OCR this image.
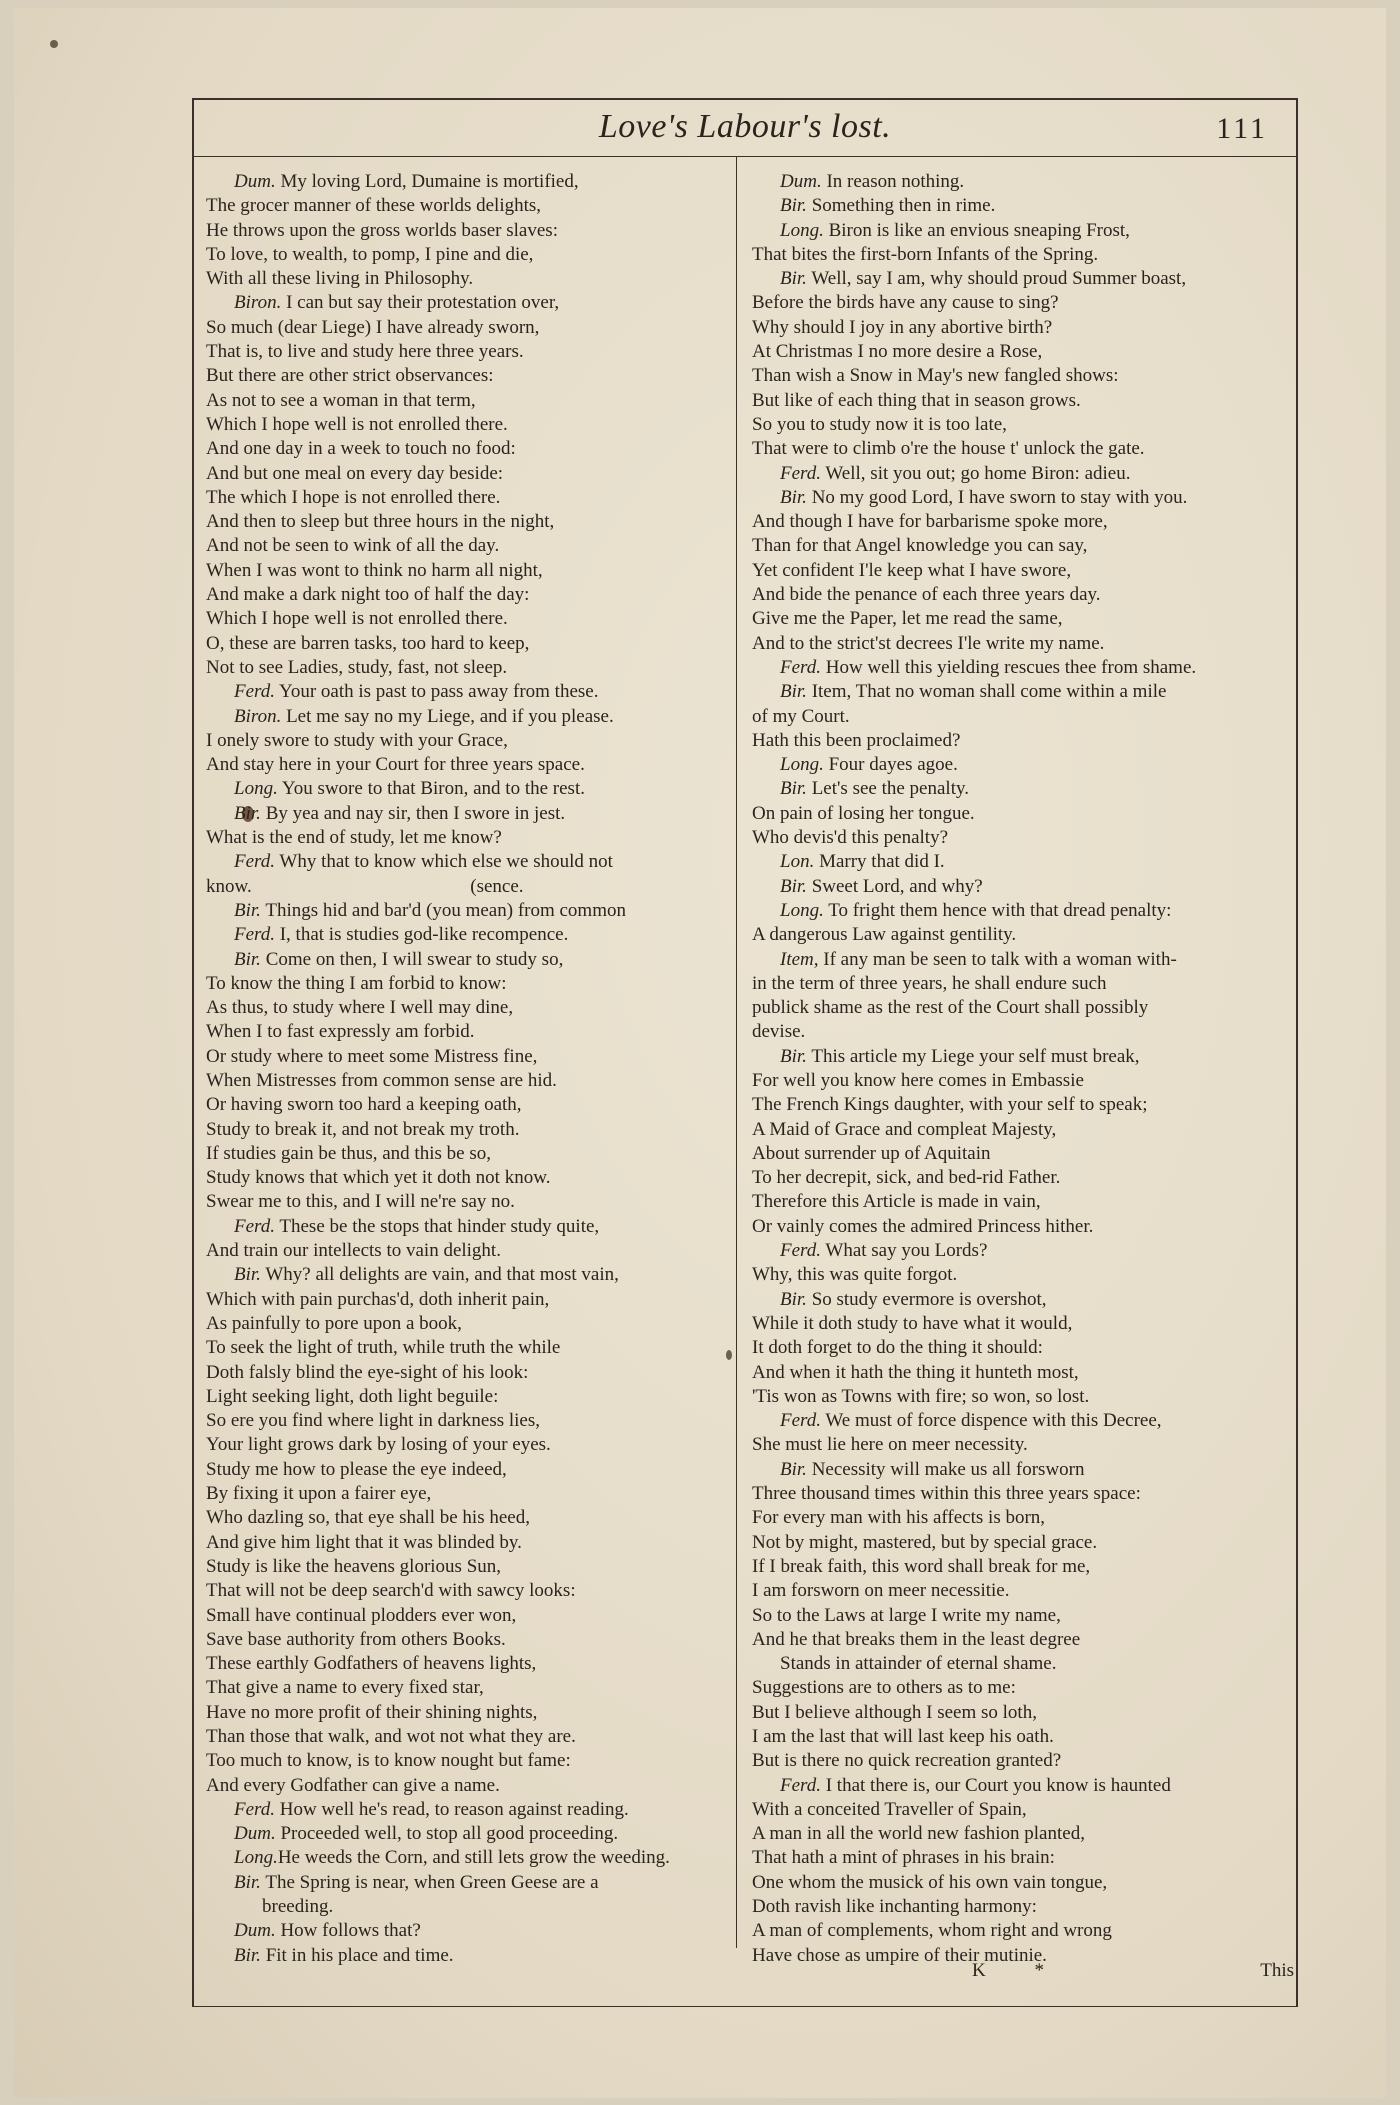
Love's Labour's lost.	111
Dum. My loving Lord, Dumaine is mortified,
The grocer manner of these worlds delights,
He throws upon the gross worlds baser slaves:
To love, to wealth, to pomp, I pine and die,
With all these living in Philosophy.
Biron. I can but say their protestation over,
So much (dear Liege) I have already sworn,
That is, to live and study here three years.
But there are other strict observances:
As not to see a woman in that term,
Which I hope well is not enrolled there.
And one day in a week to touch no food:
And but one meal on every day beside:
The which I hope is not enrolled there.
And then to sleep but three hours in the night,
And not be seen to wink of all the day.
When I was wont to think no harm all night,
And make a dark night too of half the day:
Which I hope well is not enrolled there.
O, these are barren tasks, too hard to keep,
Not to see Ladies, study, fast, not sleep.
Ferd. Your oath is past to pass away from these.
Biron. Let me say no my Liege, and if you please.
I onely swore to study with your Grace,
And stay here in your Court for three years space.
Long. You swore to that Biron, and to the rest.
Bir. By yea and nay sir, then I swore in jest.
What is the end of study, let me know?
Ferd. Why that to know which else we should not
know.                                              (sence.
Bir. Things hid and bar'd (you mean) from common
Ferd. I, that is studies god-like recompence.
Bir. Come on then, I will swear to study so,
To know the thing I am forbid to know:
As thus, to study where I well may dine,
When I to fast expressly am forbid.
Or study where to meet some Mistress fine,
When Mistresses from common sense are hid.
Or having sworn too hard a keeping oath,
Study to break it, and not break my troth.
If studies gain be thus, and this be so,
Study knows that which yet it doth not know.
Swear me to this, and I will ne're say no.
Ferd. These be the stops that hinder study quite,
And train our intellects to vain delight.
Bir. Why? all delights are vain, and that most vain,
Which with pain purchas'd, doth inherit pain,
As painfully to pore upon a book,
To seek the light of truth, while truth the while
Doth falsly blind the eye-sight of his look:
Light seeking light, doth light beguile:
So ere you find where light in darkness lies,
Your light grows dark by losing of your eyes.
Study me how to please the eye indeed,
By fixing it upon a fairer eye,
Who dazling so, that eye shall be his heed,
And give him light that it was blinded by.
Study is like the heavens glorious Sun,
That will not be deep search'd with sawcy looks:
Small have continual plodders ever won,
Save base authority from others Books.
These earthly Godfathers of heavens lights,
That give a name to every fixed star,
Have no more profit of their shining nights,
Than those that walk, and wot not what they are.
Too much to know, is to know nought but fame:
And every Godfather can give a name.
Ferd. How well he's read, to reason against reading.
Dum. Proceeded well, to stop all good proceeding.
Long.He weeds the Corn, and still lets grow the weeding.
Bir. The Spring is near, when Green Geese are a
breeding.
Dum. How follows that?
Bir. Fit in his place and time.
Dum. In reason nothing.
Bir. Something then in rime.
Long. Biron is like an envious sneaping Frost,
That bites the first-born Infants of the Spring.
Bir. Well, say I am, why should proud Summer boast,
Before the birds have any cause to sing?
Why should I joy in any abortive birth?
At Christmas I no more desire a Rose,
Than wish a Snow in May's new fangled shows:
But like of each thing that in season grows.
So you to study now it is too late,
That were to climb o're the house t' unlock the gate.
Ferd. Well, sit you out; go home Biron: adieu.
Bir. No my good Lord, I have sworn to stay with you.
And though I have for barbarisme spoke more,
Than for that Angel knowledge you can say,
Yet confident I'le keep what I have swore,
And bide the penance of each three years day.
Give me the Paper, let me read the same,
And to the strict'st decrees I'le write my name.
Ferd. How well this yielding rescues thee from shame.
Bir. Item, That no woman shall come within a mile
of my Court.
Hath this been proclaimed?
Long. Four dayes agoe.
Bir. Let's see the penalty.
On pain of losing her tongue.
Who devis'd this penalty?
Lon. Marry that did I.
Bir. Sweet Lord, and why?
Long. To fright them hence with that dread penalty:
A dangerous Law against gentility.
Item, If any man be seen to talk with a woman with-
in the term of three years, he shall endure such
publick shame as the rest of the Court shall possibly
devise.
Bir. This article my Liege your self must break,
For well you know here comes in Embassie
The French Kings daughter, with your self to speak;
A Maid of Grace and compleat Majesty,
About surrender up of Aquitain
To her decrepit, sick, and bed-rid Father.
Therefore this Article is made in vain,
Or vainly comes the admired Princess hither.
Ferd. What say you Lords?
Why, this was quite forgot.
Bir. So study evermore is overshot,
While it doth study to have what it would,
It doth forget to do the thing it should:
And when it hath the thing it hunteth most,
'Tis won as Towns with fire; so won, so lost.
Ferd. We must of force dispence with this Decree,
She must lie here on meer necessity.
Bir. Necessity will make us all forsworn
Three thousand times within this three years space:
For every man with his affects is born,
Not by might, mastered, but by special grace.
If I break faith, this word shall break for me,
I am forsworn on meer necessitie.
So to the Laws at large I write my name,
And he that breaks them in the least degree
Stands in attainder of eternal shame.
Suggestions are to others as to me:
But I believe although I seem so loth,
I am the last that will last keep his oath.
But is there no quick recreation granted?
Ferd. I that there is, our Court you know is haunted
With a conceited Traveller of Spain,
A man in all the world new fashion planted,
That hath a mint of phrases in his brain:
One whom the musick of his own vain tongue,
Doth ravish like inchanting harmony:
A man of complements, whom right and wrong
Have chose as umpire of their mutinie.
K *	This
